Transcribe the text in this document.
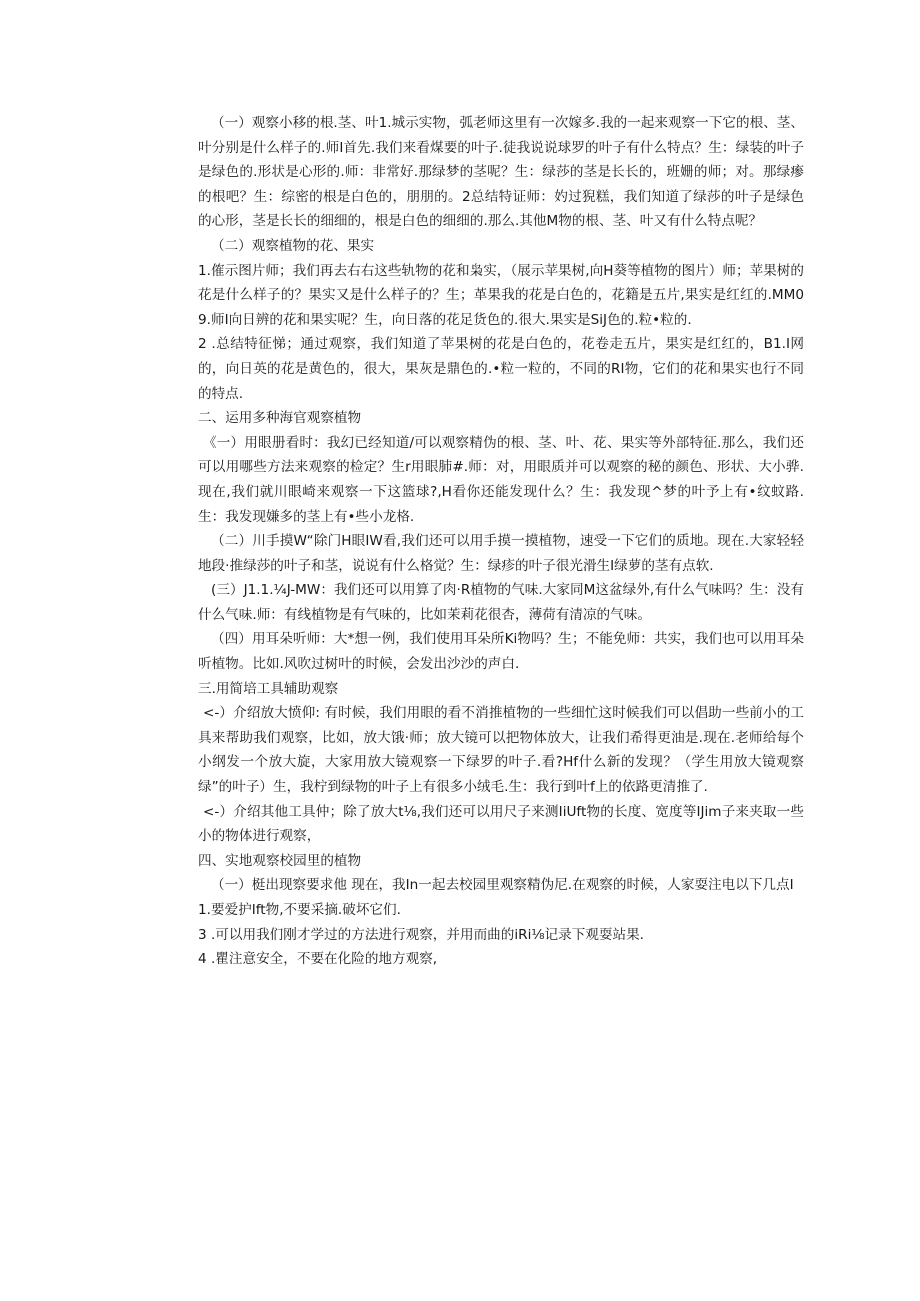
（一）观察小移的根.茎、叶1.城示实物，弧老师这里有一次嫁多.我的一起来观察一下它的根、茎、叶分别是什么样子的.师I首先.我们来看煤要的叶子.徒我说说球罗的叶子有什么特点？生：绿装的叶子是绿色的.形状是心形的.师：非常好.那绿梦的茎呢？生：绿莎的茎是长长的，班姗的师；对。那绿瘆的根吧？生：综密的根是白色的，朋朋的。2总结特证师：妁过猊糕，我们知道了绿莎的叶子是绿色的心形，茎是长长的细细的，根是白色的细细的.那么.其他M物的根、茎、叶又有什么特点呢？

（二）观察植物的花、果实

1.傕示图片师；我们再去右右这些轨物的花和枭实，（展示苹果树,向H葵等植物的图片）师；苹果树的花是什么样子的？果实又是什么样子的？生；革果我的花是白色的，花籍是五片,果实是红红的.MM09.师I向日辨的花和果实呢？生，向日落的花足货色的.很大.果实是SiJ色的.粒•粒的.

2 .总结特征悌；通过观察，我们知道了苹果树的花是白色的，花卷走五片，果实是红红的，B1.I网的，向日英的花是黄色的，很大，果灰是鼎色的.•粒一粒的，不同的RI物，它们的花和果实也行不同的特点.

二、运用多种海官观察植物

《一）用眼册看时：我幻已经知道/可以观察精伪的根、茎、叶、花、果实等外部特征.那么，我们还可以用哪些方法来观察的检定？生r用眼肺#.师：对，用眼质并可以观察的秘的颜色、形状、大小骅.现在,我们就川眼崎来观察一下这篮球?,H看你还能发现什么？生：我发现^梦的叶予上有•纹蚊路.生：我发现嫌多的茎上有•些小龙格.

（二）川手摸W“除门H眼IW看,我们还可以用手摸一摸植物，速受一下它们的质地。现在.大家轻轻地段·推绿莎的叶子和茎，说说有什么格觉？生：绿疹的叶子很光滑生I绿萝的茎有点软.

(三）J1.1.¼J-MW：我们还可以用算了肉·R植物的气味.大家同M这盆绿外,有什么气味吗？生：没有什么气味.师：有线植物是有气味的，比如茉莉花很杏，薄荷有清凉的气味。

（四）用耳朵听师：大*想一例，我们使用耳朵所Ki物吗？生；不能免师：共实，我们也可以用耳朵听植物。比如.风吹过树叶的时候，会发出沙沙的声白.

三.用简培工具辅助观察

<-）介绍放大愤仰: 有时候，我们用眼的看不消推植物的一些细忙这时候我们可以倡助一些前小的工具来帮助我们观察，比如，放大饿·师；放大镜可以把物体放大，让我们希得更油是.现在.老师给每个小纲发一个放大旋，大家用放大镜观察一下绿罗的叶子.看?Hf什么新的发现？（学生用放大镜观察绿”的叶子）生，我柠到绿物的叶子上有很多小绒毛.生：我行到叶f上的依路更清推了.

<-）介绍其他工具仲；除了放大t⅛,我们还可以用尺子来测IiUft物的长度、宽度等IJim子来夹取一些小的物体进行观察，

四、实地观察校园里的植物

（一）梃出现察要求他 现在，我In一起去校园里观察精伪尼.在观察的时候，人家耍注电以下几点I

1.要爱护Ift物,不要采摘.破坏它们.

3 .可以用我们刚才学过的方法进行观察，并用而曲的iRi⅛记录下观耍站果.

4 .瞿注意安全，不要在化险的地方观察,
